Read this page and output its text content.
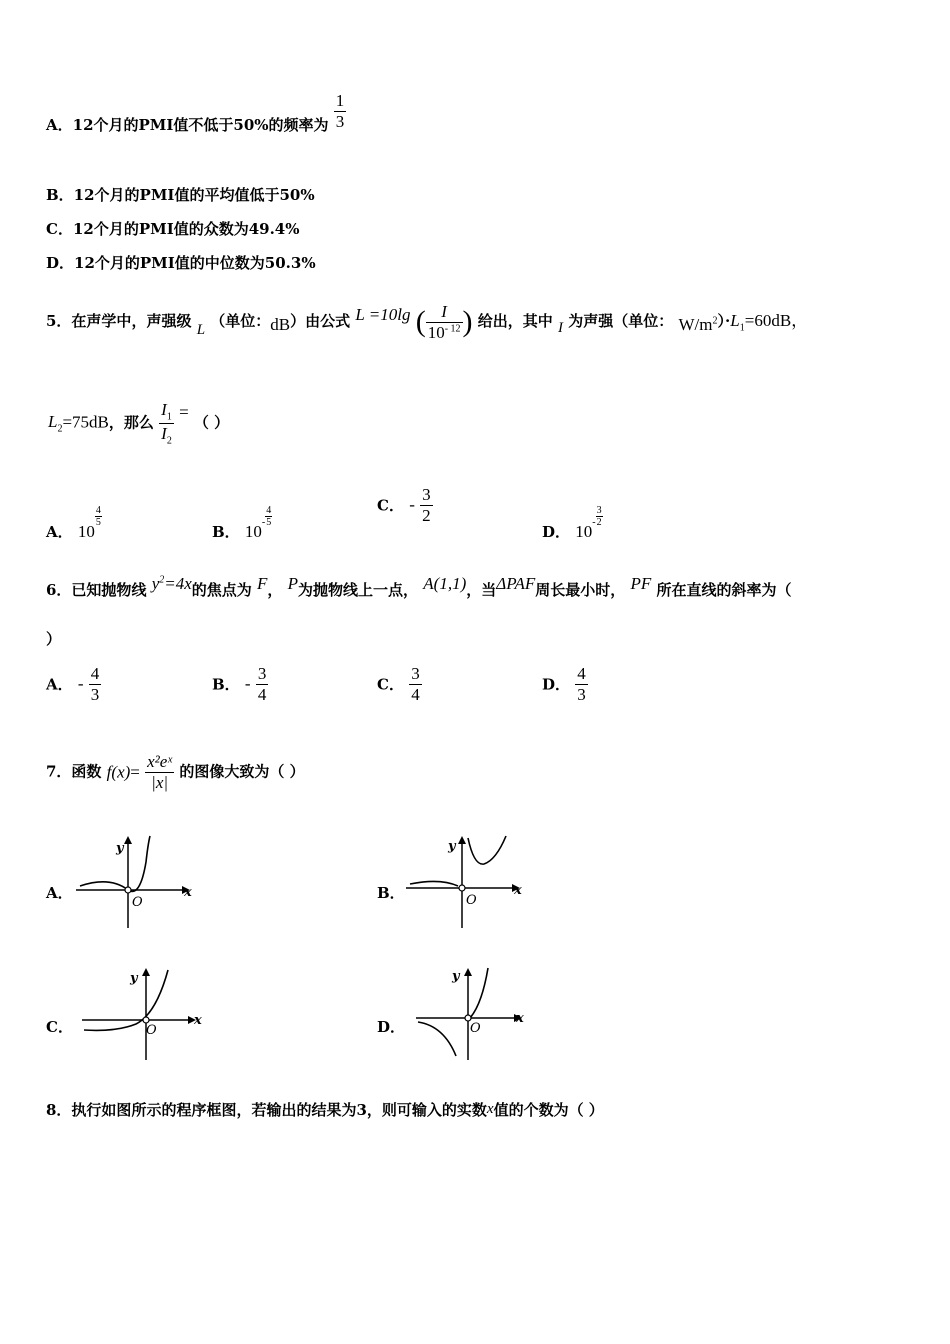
A．12个月的PMI值不低于50%的频率为 $\frac{1}{3}$
B．12个月的PMI值的平均值低于50%
C．12个月的PMI值的众数为49.4%
D．12个月的PMI值的中位数为50.3%
5．在声学中，声强级 L （单位：dB）由公式 L =10lg ( $\frac{I}{10^{- 12}}$ ) 给出，其中 I 为声强（单位： $W/m^2)\cdot L_1=60dB$，
$L_2=75dB$，那么 $\frac{I_1}{I_2}$ = （ ）
A． 10
$\frac{4}{5}$
B． $10^- \frac{4}{5}$	C． - $\frac{3}{2}$
D． $10^- \frac{3}{2}$
6．已知抛物线 $y^2=4x$的焦点为 F， P为抛物线上一点， A(1,1)，当ΔPAF周长最小时， PF 所在直线的斜率为（
）
A． - $\frac{4}{3}$	B． - $\frac{3}{4}$	C． $\frac{3}{4}$	D． $\frac{4}{3}$
7．函数 $f(x)= \frac{\text{x²eˣ}}{|x|}$ 的图像大致为（ ）
A．
y
x
O
B．
y
x
O
C．
y
x
O	D．
y
x
O
8．执行如图所示的程序框图，若输出的结果为3，则可输入的实数x值的个数为（ ）
